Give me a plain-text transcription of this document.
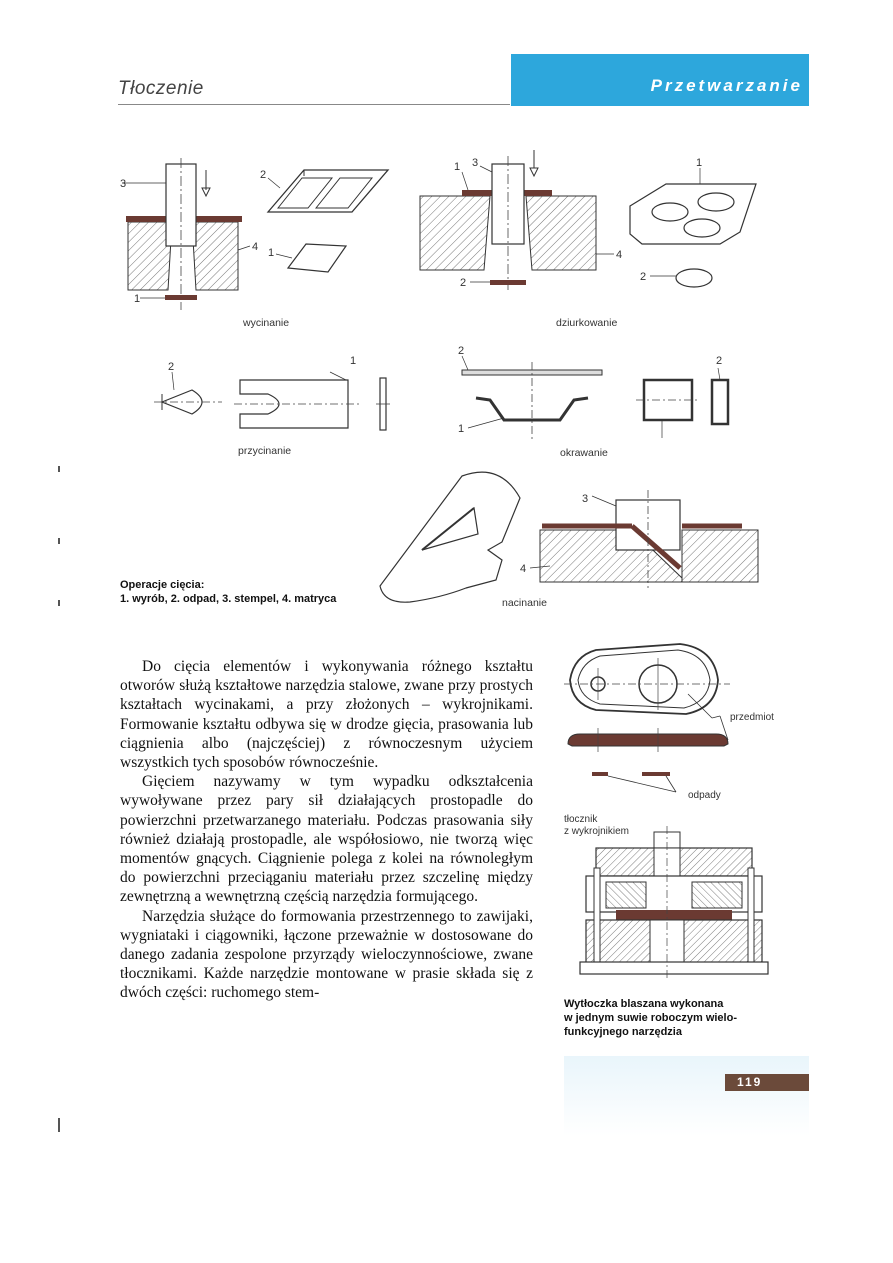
Tłoczenie	Przetwarzanie
3
2
4 1
1
wycinanie
1 3	1
4
2	2
dziurkowanie
2	1
przycinanie
2
1
2
okrawanie
3
4
nacinanie
Operacje cięcia:
1. wyrób, 2. odpad, 3. stempel, 4. matryca

Do cięcia elementów i wykonywania różnego kształtu otworów służą kształtowe narzędzia stalowe, zwane przy prostych kształtach wycinakami, a przy złożonych – wykrojnikami. Formowanie kształtu odbywa się w drodze gięcia, prasowania lub ciągnienia albo (najczęściej) z równoczesnym użyciem wszystkich tych sposobów równocześnie.

Gięciem nazywamy w tym wypadku odkształcenia wywoływane przez pary sił działających prostopadle do powierzchni przetwarzanego materiału. Podczas prasowania siły również działają prostopadle, ale współosiowo, nie tworzą więc momentów gnących. Ciągnienie polega z kolei na równoległym do powierzchni przeciąganiu materiału przez szczelinę między zewnętrzną a wewnętrzną częścią narzędzia formującego.

Narzędzia służące do formowania przestrzennego to zawijaki, wygniataki i ciągowniki, łączone przeważnie w dostosowane do danego zadania zespolone przyrządy wieloczynnościowe, zwane tłocznikami. Każde narzędzie montowane w prasie składa się z dwóch części: ruchomego stem-

przedmiot
odpady
tłocznik
z wykrojnikiem
Wytłoczka blaszana wykonana
w jednym suwie roboczym wielo-
funkcyjnego narzędzia
119
